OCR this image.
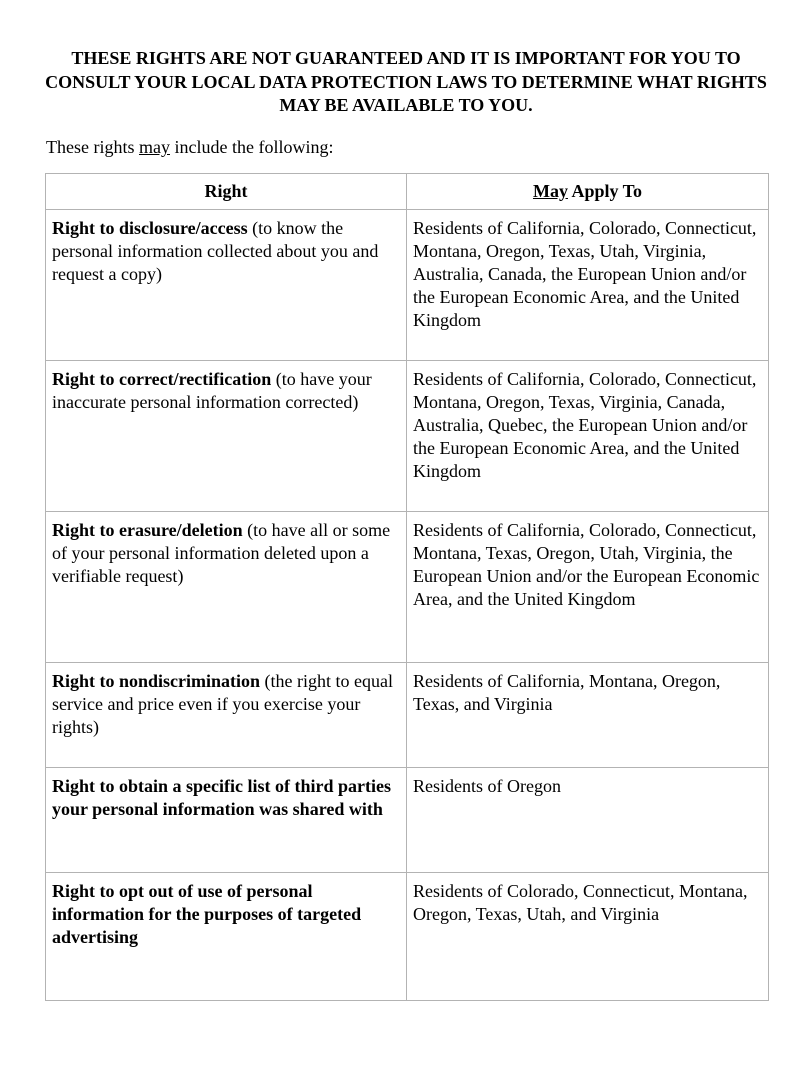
THESE RIGHTS ARE NOT GUARANTEED AND IT IS IMPORTANT FOR YOU TO CONSULT YOUR LOCAL DATA PROTECTION LAWS TO DETERMINE WHAT RIGHTS MAY BE AVAILABLE TO YOU.

These rights may include the following:

Right	May Apply To
Right to disclosure/access (to know the personal information collected about you and request a copy)	Residents of California, Colorado, Connecticut, Montana, Oregon, Texas, Utah, Virginia, Australia, Canada, the European Union and/or the European Economic Area, and the United Kingdom
Right to correct/rectification (to have your inaccurate personal information corrected)	Residents of California, Colorado, Connecticut, Montana, Oregon, Texas, Virginia, Canada, Australia, Quebec, the European Union and/or the European Economic Area, and the United Kingdom
Right to erasure/deletion (to have all or some of your personal information deleted upon a verifiable request)	Residents of California, Colorado, Connecticut, Montana, Texas, Oregon, Utah, Virginia, the European Union and/or the European Economic Area, and the United Kingdom
Right to nondiscrimination (the right to equal service and price even if you exercise your rights)	Residents of California, Montana, Oregon, Texas, and Virginia
Right to obtain a specific list of third parties your personal information was shared with	Residents of Oregon
Right to opt out of use of personal information for the purposes of targeted advertising	Residents of Colorado, Connecticut, Montana, Oregon, Texas, Utah, and Virginia
